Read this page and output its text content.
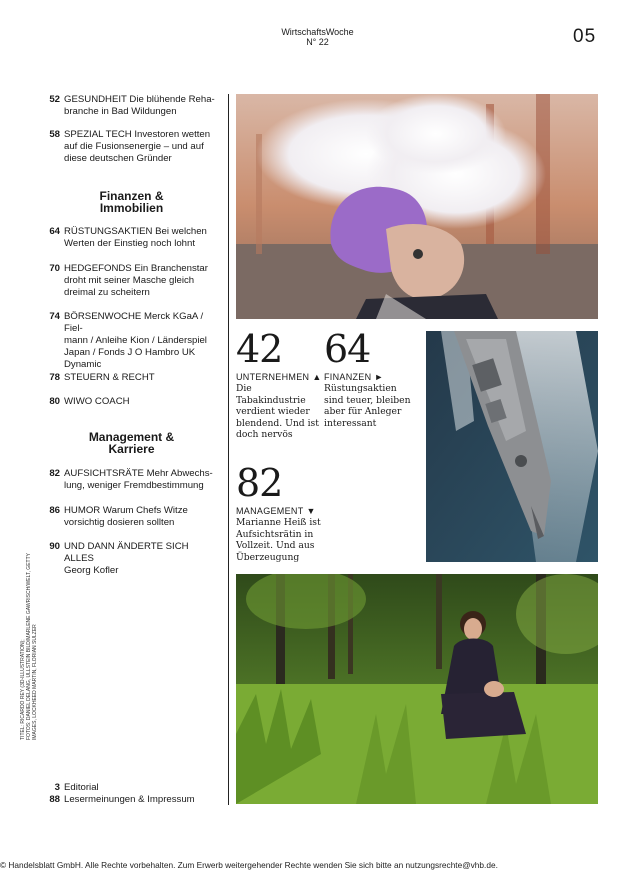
WirtschaftsWoche
N° 22	05
52 GESUNDHEIT Die blühende Reha-
branche in Bad Wildungen
58 SPEZIAL TECH Investoren wetten
auf die Fusionsenergie – und auf
diese deutschen Gründer
Finanzen &
Immobilien
64 RÜSTUNGSAKTIEN Bei welchen
Werten der Einstieg noch lohnt
70 HEDGEFONDS Ein Branchenstar
droht mit seiner Masche gleich
dreimal zu scheitern
74 BÖRSENWOCHE Merck KGaA / Fiel-
mann / Anleihe Kion / Länderspiel
Japan / Fonds J O Hambro UK
Dynamic
78 STEUERN & RECHT
80 WIWO COACH
Management &
Karriere
82 AUFSICHTSRÄTE Mehr Abwechs-
lung, weniger Fremdbestimmung
86 HUMOR Warum Chefs Witze
vorsichtig dosieren sollten
90 UND DANN ÄNDERTE SICH ALLES
Georg Kofler
TITEL: RICARDO REY (3D-ILLUSTRATION); FOTOS: DANIEL DELANG, ULLSTEIN BILD/MARLENE GAWRISCH/WELT, GETTY IMAGES, LOCKHEED MARTIN, FLORIAN SULZER
3 Editorial
88 Lesermeinungen & Impressum
42
UNTERNEHMEN ▲
Die Tabakindustrie
verdient wieder
blendend. Und ist
doch nervös
64
FINANZEN ►
Rüstungsaktien
sind teuer, bleiben
aber für Anleger
interessant
82
MANAGEMENT ▼
Marianne Heiß ist
Aufsichtsrätin in
Vollzeit. Und aus
Überzeugung
© Handelsblatt GmbH. Alle Rechte vorbehalten. Zum Erwerb weitergehender Rechte wenden Sie sich bitte an nutzungsrechte@vhb.de.
